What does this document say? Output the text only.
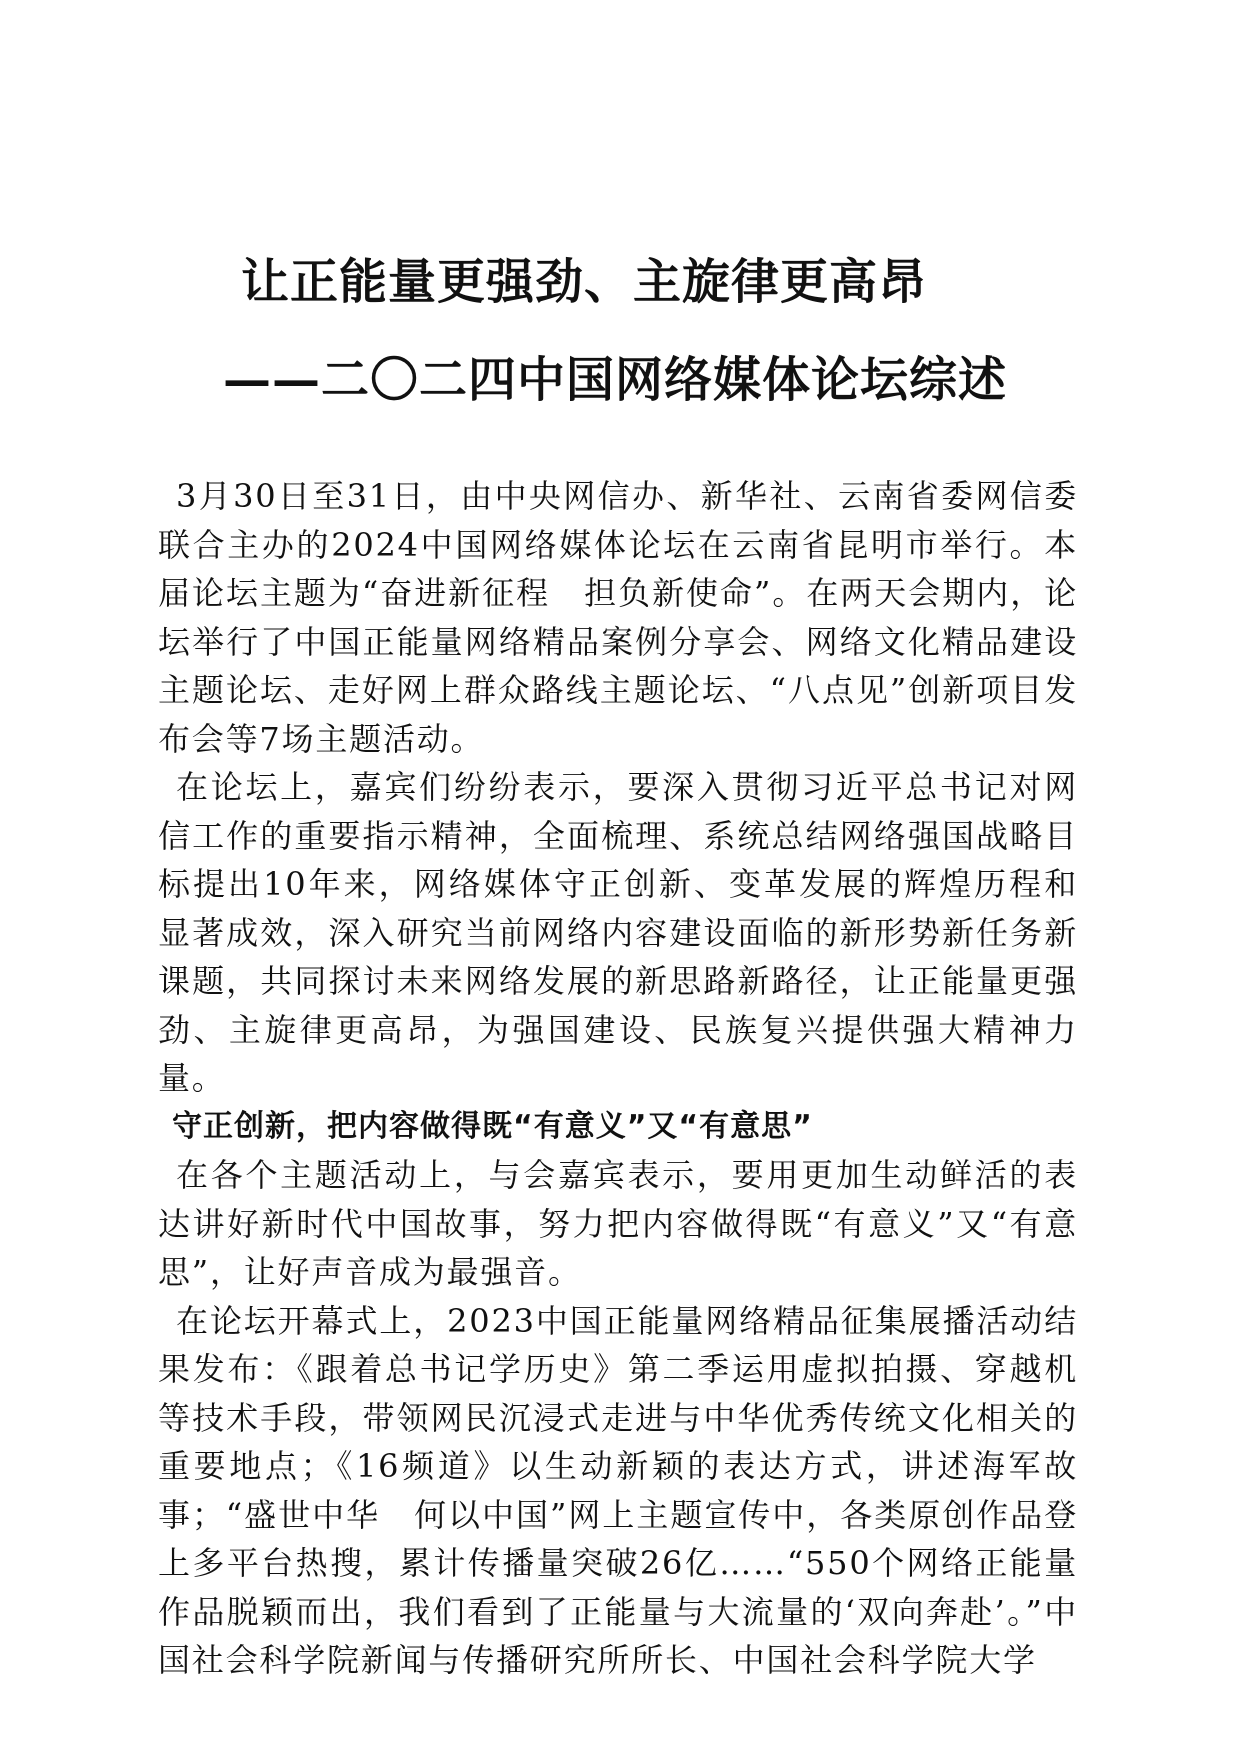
让正能量更强劲、主旋律更高昂
——二〇二四中国网络媒体论坛综述

3月30日至31日，由中央网信办、新华社、云南省委网信委联合主办的2024中国网络媒体论坛在云南省昆明市举行。本届论坛主题为“奋进新征程　担负新使命”。在两天会期内，论坛举行了中国正能量网络精品案例分享会、网络文化精品建设主题论坛、走好网上群众路线主题论坛、“八点见”创新项目发布会等7场主题活动。

在论坛上，嘉宾们纷纷表示，要深入贯彻习近平总书记对网信工作的重要指示精神，全面梳理、系统总结网络强国战略目标提出10年来，网络媒体守正创新、变革发展的辉煌历程和显著成效，深入研究当前网络内容建设面临的新形势新任务新课题，共同探讨未来网络发展的新思路新路径，让正能量更强劲、主旋律更高昂，为强国建设、民族复兴提供强大精神力量。

守正创新，把内容做得既“有意义”又“有意思”

在各个主题活动上，与会嘉宾表示，要用更加生动鲜活的表达讲好新时代中国故事，努力把内容做得既“有意义”又“有意思”，让好声音成为最强音。

在论坛开幕式上，2023中国正能量网络精品征集展播活动结果发布：《跟着总书记学历史》第二季运用虚拟拍摄、穿越机等技术手段，带领网民沉浸式走进与中华优秀传统文化相关的重要地点；《16频道》以生动新颖的表达方式，讲述海军故事；“盛世中华　何以中国”网上主题宣传中，各类原创作品登上多平台热搜，累计传播量突破26亿……“550个网络正能量作品脱颖而出，我们看到了正能量与大流量的‘双向奔赴’。”中国社会科学院新闻与传播研究所所长、中国社会科学院大学
